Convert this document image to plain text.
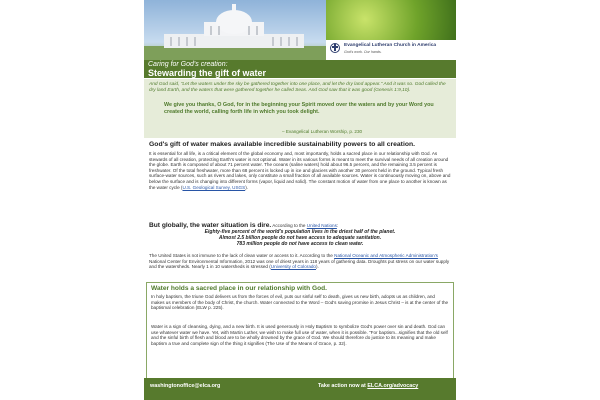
Evangelical Lutheran Church in America
God's work. Our hands.
Caring for God's creation:
Stewarding the gift of water

And God said, "Let the waters under the sky be gathered together into one place, and let the dry land appear." And it was so. God called the dry land Earth, and the waters that were gathered together he called Seas. And God saw that it was good (Genesis 1:9,10).

We give you thanks, O God, for in the beginning your Spirit moved over the waters and by your Word you created the world, calling forth life in which you took delight.

– Evangelical Lutheran Worship, p. 230
God's gift of water makes available incredible sustainability powers to all creation.

It is essential for all life, is a critical element of the global economy and, most importantly, holds a sacred place in our relationship with God. As stewards of all creation, protecting Earth's water is not optional. Water in its various forms is meant to meet the survival needs of all creation around the globe. Earth is composed of about 71 percent water. The oceans (saline waters) hold about 96.5 percent, and the remaining 3.5 percent is freshwater. Of the total freshwater, more than 68 percent is locked up in ice and glaciers with another 30 percent held in the ground. Typical fresh surface-water sources, such as rivers and lakes, only constitute a small fraction of all available sources. Water is continuously moving on, above and below the surface and is changing into different forms (vapor, liquid and solid). The constant motion of water from one place to another is known as the water cycle (U.S. Geological Survey, USGS).

But globally, the water situation is dire. According to the United Nations:

Eighty-five percent of the world's population lives in the driest half of the planet.
Almost 2.5 billion people do not have access to adequate sanitation.
783 million people do not have access to clean water.

The United States is not immune to the lack of clean water or access to it. According to the National Oceanic and Atmospheric Administration's National Center for Environmental Information, 2012 was one of driest years in 118 years of gathering data. Droughts put stress on our water supply and the watersheds. Nearly 1 in 10 watersheds is stressed (University of Colorado).

Water holds a sacred place in our relationship with God.

In holy baptism, the triune God delivers us from the forces of evil, puts our sinful self to death, gives us new birth, adopts us as children, and makes us members of the body of Christ, the church. Water connected to the Word – God's saving promise in Jesus Christ – is at the center of the baptismal celebration (ELW p. 225).

Water is a sign of cleansing, dying, and a new birth. It is used generously in Holy Baptism to symbolize God's power over sin and death. God can use whatever water we have. Yet, with Martin Luther, we wish to make full use of water, when it is possible. "For baptism...signifies that the old self and the sinful birth of flesh and blood are to be wholly drowned by the grace of God. We should therefore do justice to its meaning and make baptism a true and complete sign of the thing it signifies (The Use of the Means of Grace, p. 32).

washingtonoffice@elca.org	Take action now at ELCA.org/advocacy
